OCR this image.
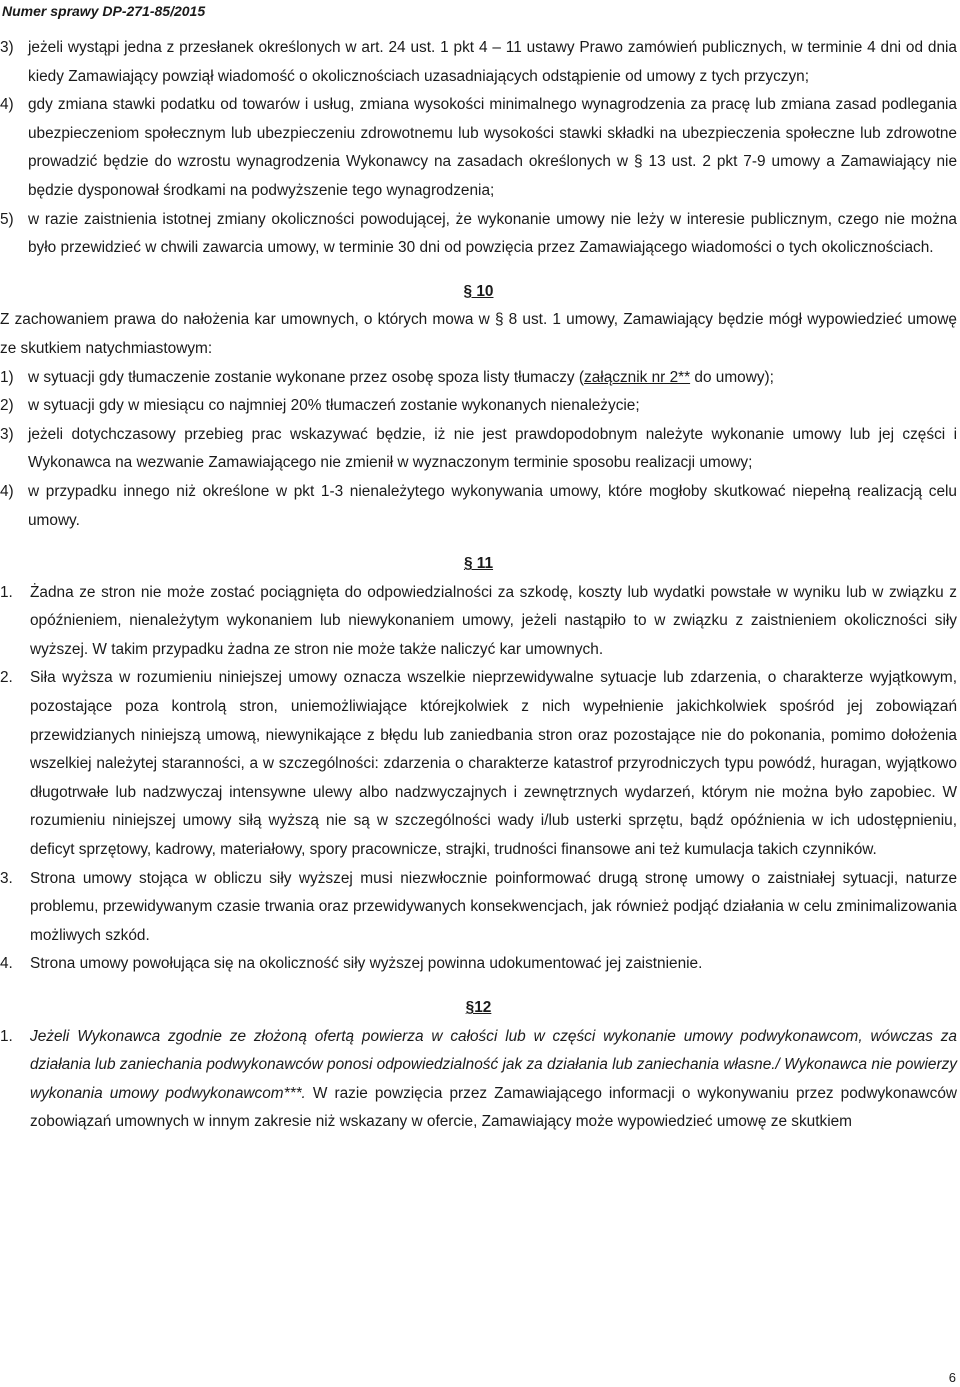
Numer sprawy DP-271-85/2015
3) jeżeli wystąpi jedna z przesłanek określonych w art. 24 ust. 1 pkt 4 – 11 ustawy Prawo zamówień publicznych, w terminie 4 dni od dnia kiedy Zamawiający powziął wiadomość o okolicznościach uzasadniających odstąpienie od umowy z tych przyczyn;
4) gdy zmiana stawki podatku od towarów i usług, zmiana wysokości minimalnego wynagrodzenia za pracę lub zmiana zasad podlegania ubezpieczeniom społecznym lub ubezpieczeniu zdrowotnemu lub wysokości stawki składki na ubezpieczenia społeczne lub zdrowotne prowadzić będzie do wzrostu wynagrodzenia Wykonawcy na zasadach określonych w § 13 ust. 2 pkt 7-9 umowy a Zamawiający nie będzie dysponował środkami na podwyższenie tego wynagrodzenia;
5) w razie zaistnienia istotnej zmiany okoliczności powodującej, że wykonanie umowy nie leży w interesie publicznym, czego nie można było przewidzieć w chwili zawarcia umowy, w terminie 30 dni od powzięcia przez Zamawiającego wiadomości o tych okolicznościach.
§ 10
Z zachowaniem prawa do nałożenia kar umownych, o których mowa w § 8 ust. 1 umowy, Zamawiający będzie mógł wypowiedzieć umowę ze skutkiem natychmiastowym:
1) w sytuacji gdy tłumaczenie zostanie wykonane przez osobę spoza listy tłumaczy (załącznik nr 2** do umowy);
2) w sytuacji gdy w miesiącu co najmniej 20% tłumaczeń zostanie wykonanych nienależycie;
3) jeżeli dotychczasowy przebieg prac wskazywać będzie, iż nie jest prawdopodobnym należyte wykonanie umowy lub jej części i Wykonawca na wezwanie Zamawiającego nie zmienił w wyznaczonym terminie sposobu realizacji umowy;
4) w przypadku innego niż określone w pkt 1-3 nienależytego wykonywania umowy, które mogłoby skutkować niepełną realizacją celu umowy.
§ 11
1.	Żadna ze stron nie może zostać pociągnięta do odpowiedzialności za szkodę, koszty lub wydatki powstałe w wyniku lub w związku z opóźnieniem, nienależytym wykonaniem lub niewykonaniem umowy, jeżeli nastąpiło to w związku z zaistnieniem okoliczności siły wyższej. W takim przypadku żadna ze stron nie może także naliczyć kar umownych.
2.	Siła wyższa w rozumieniu niniejszej umowy oznacza wszelkie nieprzewidywalne sytuacje lub zdarzenia, o charakterze wyjątkowym, pozostające poza kontrolą stron, uniemożliwiające którejkolwiek z nich wypełnienie jakichkolwiek spośród jej zobowiązań przewidzianych niniejszą umową, niewynikające z błędu lub zaniedbania stron oraz pozostające nie do pokonania, pomimo dołożenia wszelkiej należytej staranności, a w szczególności: zdarzenia o charakterze katastrof przyrodniczych typu powódź, huragan, wyjątkowo długotrwałe lub nadzwyczaj intensywne ulewy albo nadzwyczajnych i zewnętrznych wydarzeń, którym nie można było zapobiec. W rozumieniu niniejszej umowy siłą wyższą nie są w szczególności wady i/lub usterki sprzętu, bądź opóźnienia w ich udostępnieniu, deficyt sprzętowy, kadrowy, materiałowy, spory pracownicze, strajki, trudności finansowe ani też kumulacja takich czynników.
3.	Strona umowy stojąca w obliczu siły wyższej musi niezwłocznie poinformować drugą stronę umowy o zaistniałej sytuacji, naturze problemu, przewidywanym czasie trwania oraz przewidywanych konsekwencjach, jak również podjąć działania w celu zminimalizowania możliwych szkód.
4.	Strona umowy powołująca się na okoliczność siły wyższej powinna udokumentować jej zaistnienie.
§12
1.	Jeżeli Wykonawca zgodnie ze złożoną ofertą powierza w całości lub w części wykonanie umowy podwykonawcom, wówczas za działania lub zaniechania podwykonawców ponosi odpowiedzialność jak za działania lub zaniechania własne./ Wykonawca nie powierzy wykonania umowy podwykonawcom***. W razie powzięcia przez Zamawiającego informacji o wykonywaniu przez podwykonawców zobowiązań umownych w innym zakresie niż wskazany w ofercie, Zamawiający może wypowiedzieć umowę ze skutkiem
6
